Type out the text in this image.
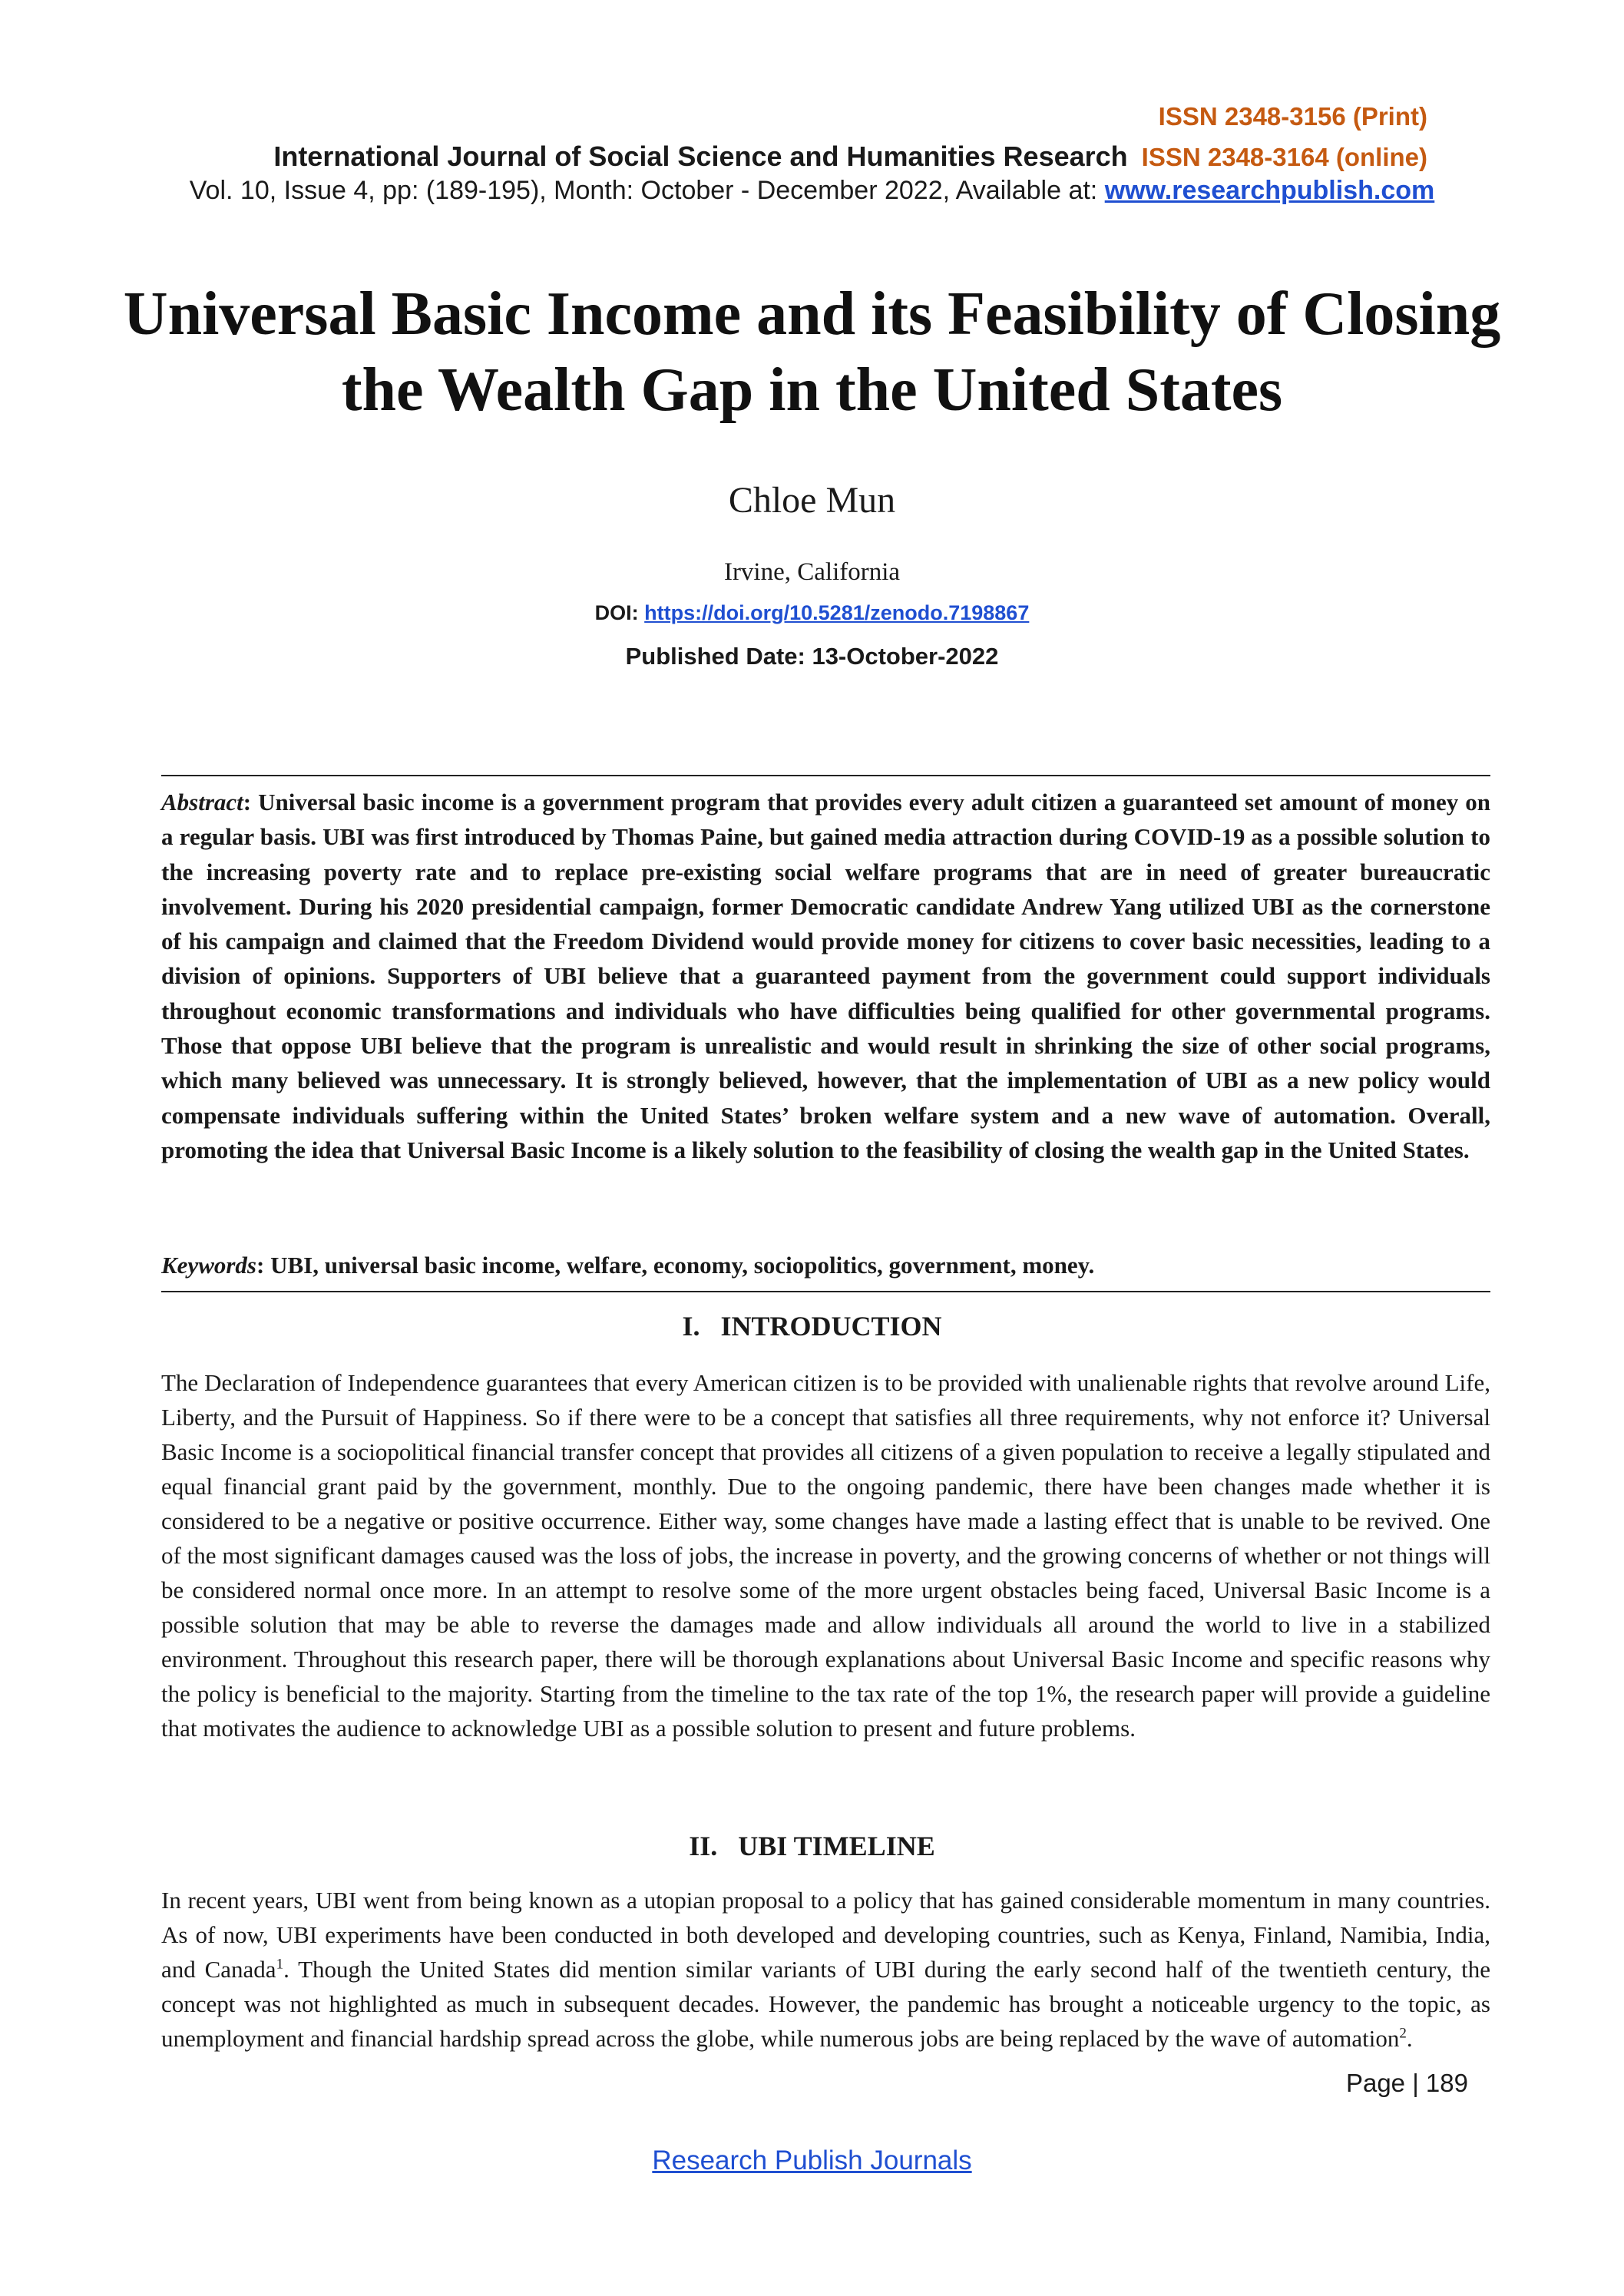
ISSN 2348-3156 (Print)
International Journal of Social Science and Humanities Research ISSN 2348-3164 (online)
Vol. 10, Issue 4, pp: (189-195), Month: October - December 2022, Available at: www.researchpublish.com
Universal Basic Income and its Feasibility of Closing the Wealth Gap in the United States
Chloe Mun
Irvine, California
DOI: https://doi.org/10.5281/zenodo.7198867
Published Date: 13-October-2022
Abstract: Universal basic income is a government program that provides every adult citizen a guaranteed set amount of money on a regular basis. UBI was first introduced by Thomas Paine, but gained media attraction during COVID-19 as a possible solution to the increasing poverty rate and to replace pre-existing social welfare programs that are in need of greater bureaucratic involvement. During his 2020 presidential campaign, former Democratic candidate Andrew Yang utilized UBI as the cornerstone of his campaign and claimed that the Freedom Dividend would provide money for citizens to cover basic necessities, leading to a division of opinions. Supporters of UBI believe that a guaranteed payment from the government could support individuals throughout economic transformations and individuals who have difficulties being qualified for other governmental programs. Those that oppose UBI believe that the program is unrealistic and would result in shrinking the size of other social programs, which many believed was unnecessary. It is strongly believed, however, that the implementation of UBI as a new policy would compensate individuals suffering within the United States’ broken welfare system and a new wave of automation. Overall, promoting the idea that Universal Basic Income is a likely solution to the feasibility of closing the wealth gap in the United States.
Keywords: UBI, universal basic income, welfare, economy, sociopolitics, government, money.
I.   INTRODUCTION
The Declaration of Independence guarantees that every American citizen is to be provided with unalienable rights that revolve around Life, Liberty, and the Pursuit of Happiness. So if there were to be a concept that satisfies all three requirements, why not enforce it? Universal Basic Income is a sociopolitical financial transfer concept that provides all citizens of a given population to receive a legally stipulated and equal financial grant paid by the government, monthly. Due to the ongoing pandemic, there have been changes made whether it is considered to be a negative or positive occurrence. Either way, some changes have made a lasting effect that is unable to be revived. One of the most significant damages caused was the loss of jobs, the increase in poverty, and the growing concerns of whether or not things will be considered normal once more. In an attempt to resolve some of the more urgent obstacles being faced, Universal Basic Income is a possible solution that may be able to reverse the damages made and allow individuals all around the world to live in a stabilized environment. Throughout this research paper, there will be thorough explanations about Universal Basic Income and specific reasons why the policy is beneficial to the majority. Starting from the timeline to the tax rate of the top 1%, the research paper will provide a guideline that motivates the audience to acknowledge UBI as a possible solution to present and future problems.
II.   UBI TIMELINE
In recent years, UBI went from being known as a utopian proposal to a policy that has gained considerable momentum in many countries. As of now, UBI experiments have been conducted in both developed and developing countries, such as Kenya, Finland, Namibia, India, and Canada$^1$. Though the United States did mention similar variants of UBI during the early second half of the twentieth century, the concept was not highlighted as much in subsequent decades. However, the pandemic has brought a noticeable urgency to the topic, as unemployment and financial hardship spread across the globe, while numerous jobs are being replaced by the wave of automation$^2$.
Page | 189
Research Publish Journals
